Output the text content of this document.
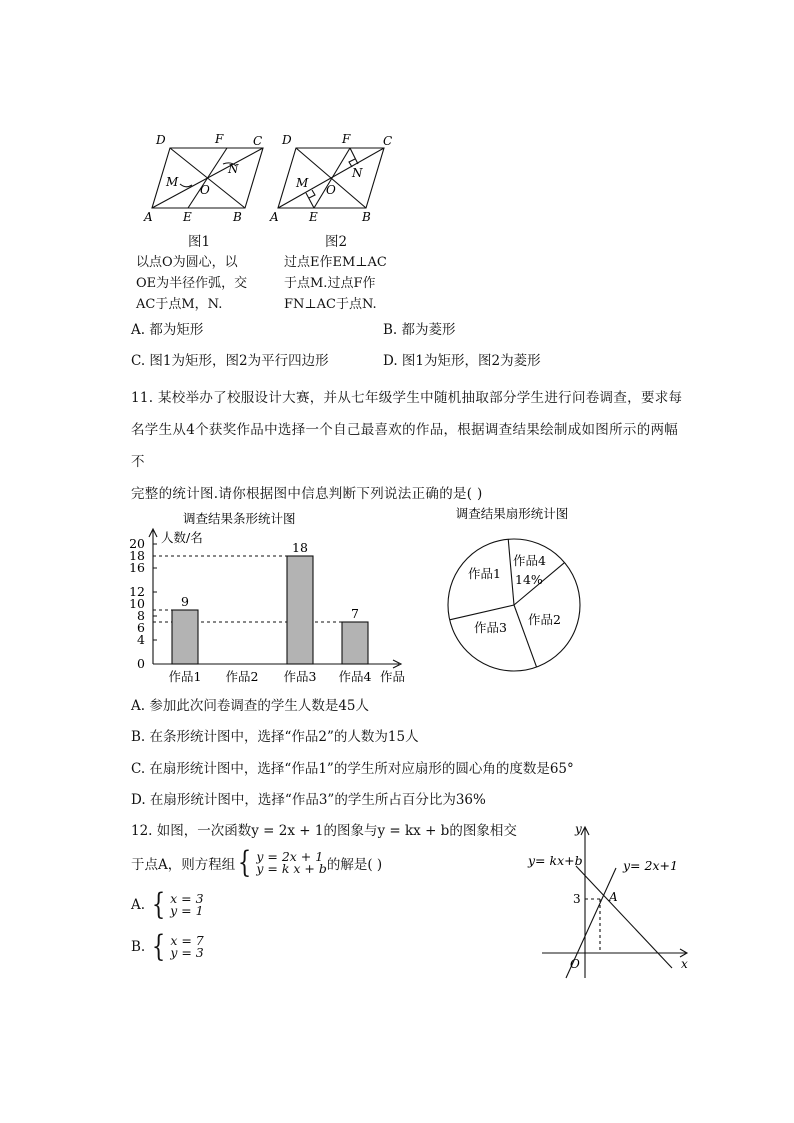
D	F C
M
N
O
A	E	B
D	F	C
M
N
O
A	E	B
图1	图2
以点O为圆心，以
OE为半径作弧，交
AC于点M，N.
过点E作EM⊥AC
于点M.过点F作
FN⊥AC于点N.
A. 都为矩形	B. 都为菱形
C. 图1为矩形，图2为平行四边形	D. 图1为矩形，图2为菱形
11. 某校举办了校服设计大赛，并从七年级学生中随机抽取部分学生进行问卷调查，要求每
名学生从4个获奖作品中选择一个自己最喜欢的作品，根据调查结果绘制成如图所示的两幅不
完整的统计图.请你根据图中信息判断下列说法正确的是( )
调查结果条形统计图
人数/名
作品
0
4
8
12
16
20
6
10
18
9
作品1 作品2
18
作品3
7
作品4
调查结果扇形统计图
作品4
14%
作品2
作品3
作品1
A. 参加此次问卷调查的学生人数是45人
B. 在条形统计图中，选择“作品2”的人数为15人
C. 在扇形统计图中，选择“作品1”的学生所对应扇形的圆心角的度数是65°
D. 在扇形统计图中，选择“作品3”的学生所占百分比为36%
12. 如图，一次函数y = 2x + 1的图象与y = kx + b的图象相交
于点A，则方程组 { y = 2x + 1
y = k x + b 的解是( )
A. { x = 3
y = 1
B. { x = 7
y = 3
y= kx+b	y= 2x+1
y
x
O
A
3
